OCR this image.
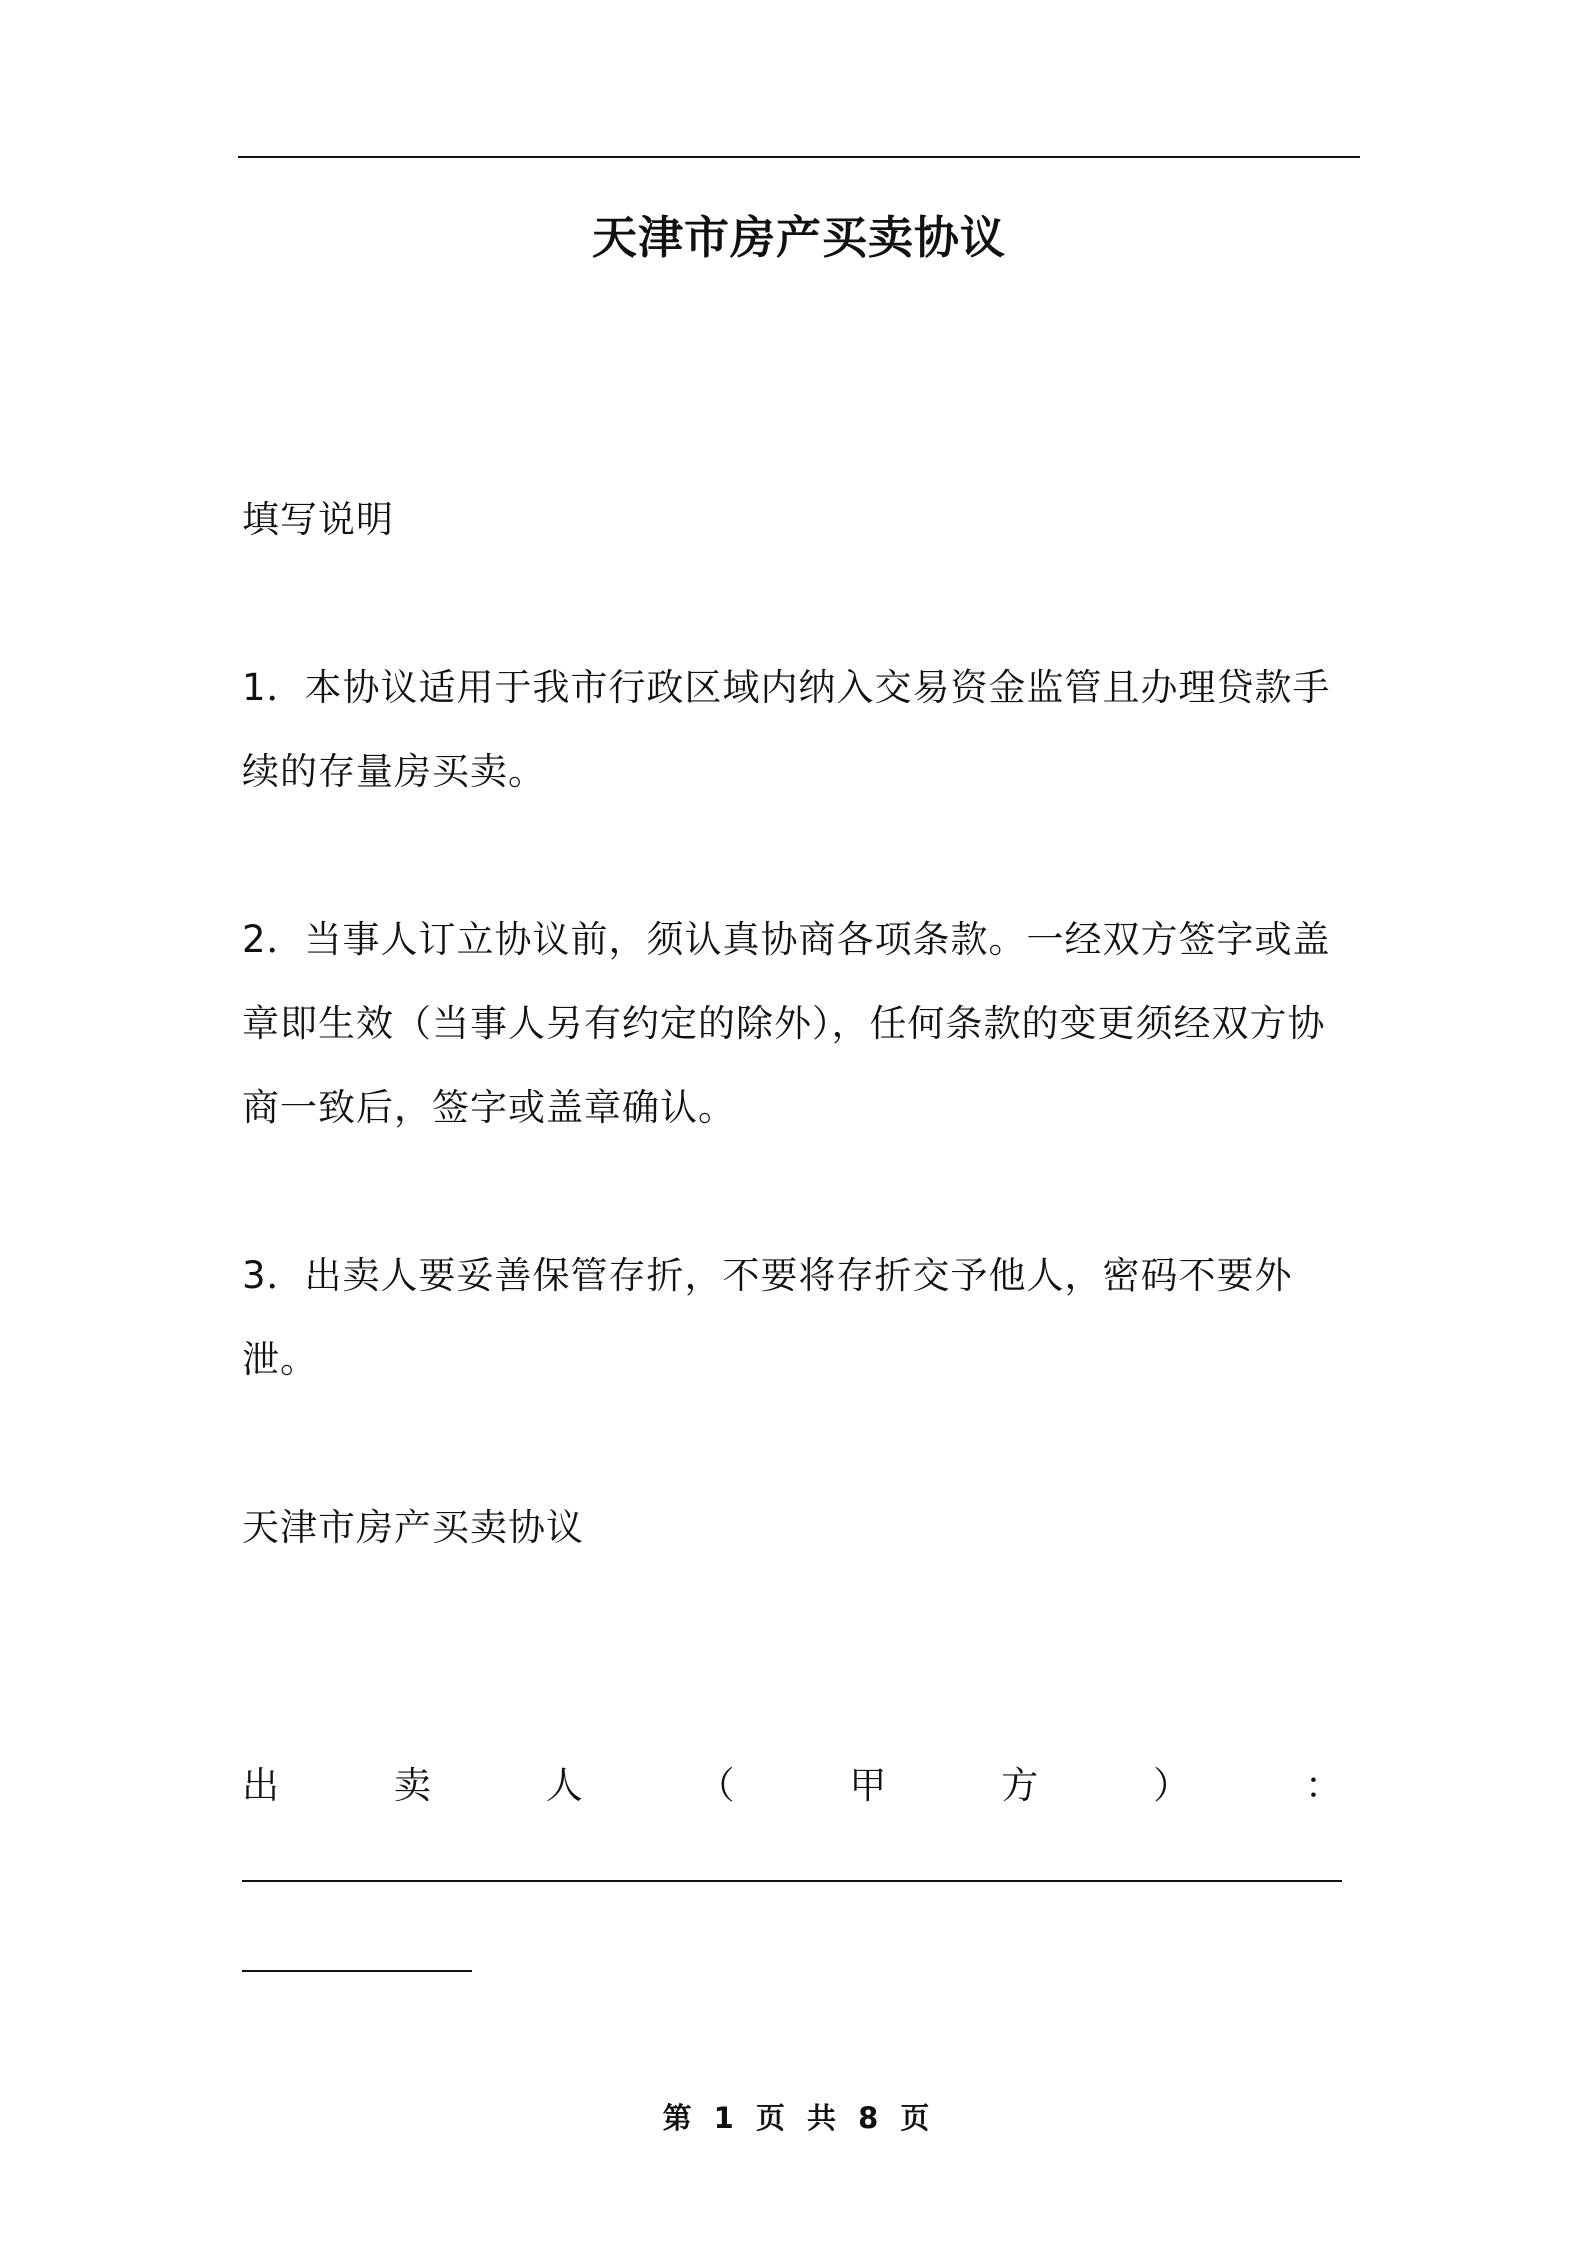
天津市房产买卖协议
填写说明
1．本协议适用于我市行政区域内纳入交易资金监管且办理贷款手续的存量房买卖。
2．当事人订立协议前，须认真协商各项条款。一经双方签字或盖章即生效（当事人另有约定的除外），任何条款的变更须经双方协商一致后，签字或盖章确认。
3．出卖人要妥善保管存折，不要将存折交予他人，密码不要外泄。
天津市房产买卖协议
出	卖	人	（	甲	方	）	：
第 1 页 共 8 页
